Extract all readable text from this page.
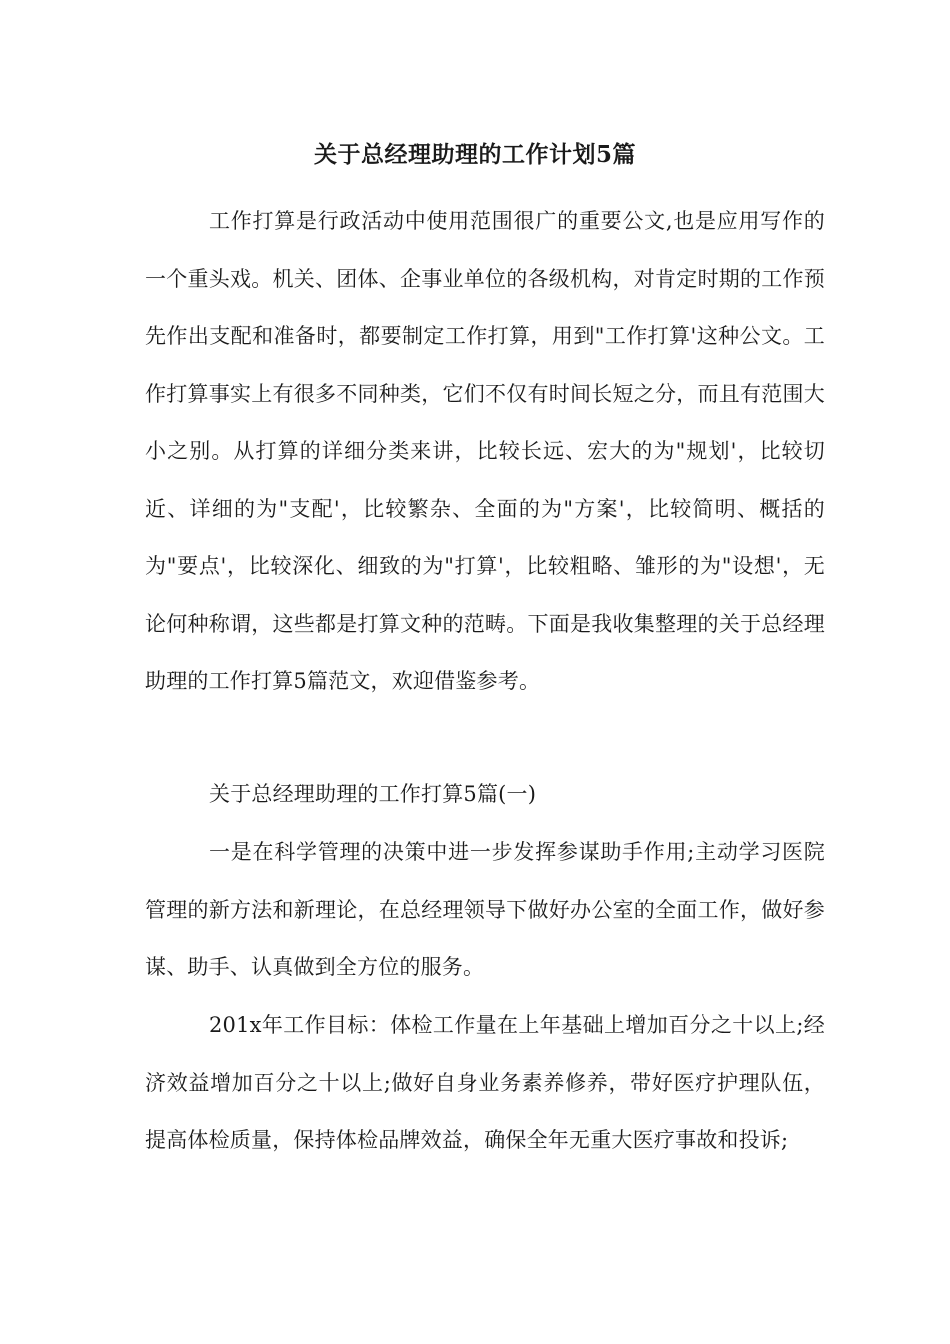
关于总经理助理的工作计划5篇

工作打算是行政活动中使用范围很广的重要公文,也是应用写作的一个重头戏。机关、团体、企事业单位的各级机构，对肯定时期的工作预先作出支配和准备时，都要制定工作打算，用到"工作打算'这种公文。工作打算事实上有很多不同种类，它们不仅有时间长短之分，而且有范围大小之别。从打算的详细分类来讲，比较长远、宏大的为"规划'，比较切近、详细的为"支配'，比较繁杂、全面的为"方案'，比较简明、概括的为"要点'，比较深化、细致的为"打算'，比较粗略、雏形的为"设想'，无论何种称谓，这些都是打算文种的范畴。下面是我收集整理的关于总经理助理的工作打算5篇范文，欢迎借鉴参考。

关于总经理助理的工作打算5篇(一)

一是在科学管理的决策中进一步发挥参谋助手作用;主动学习医院管理的新方法和新理论，在总经理领导下做好办公室的全面工作，做好参谋、助手、认真做到全方位的服务。

201x年工作目标：体检工作量在上年基础上增加百分之十以上;经济效益增加百分之十以上;做好自身业务素养修养，带好医疗护理队伍，提高体检质量，保持体检品牌效益，确保全年无重大医疗事故和投诉;
